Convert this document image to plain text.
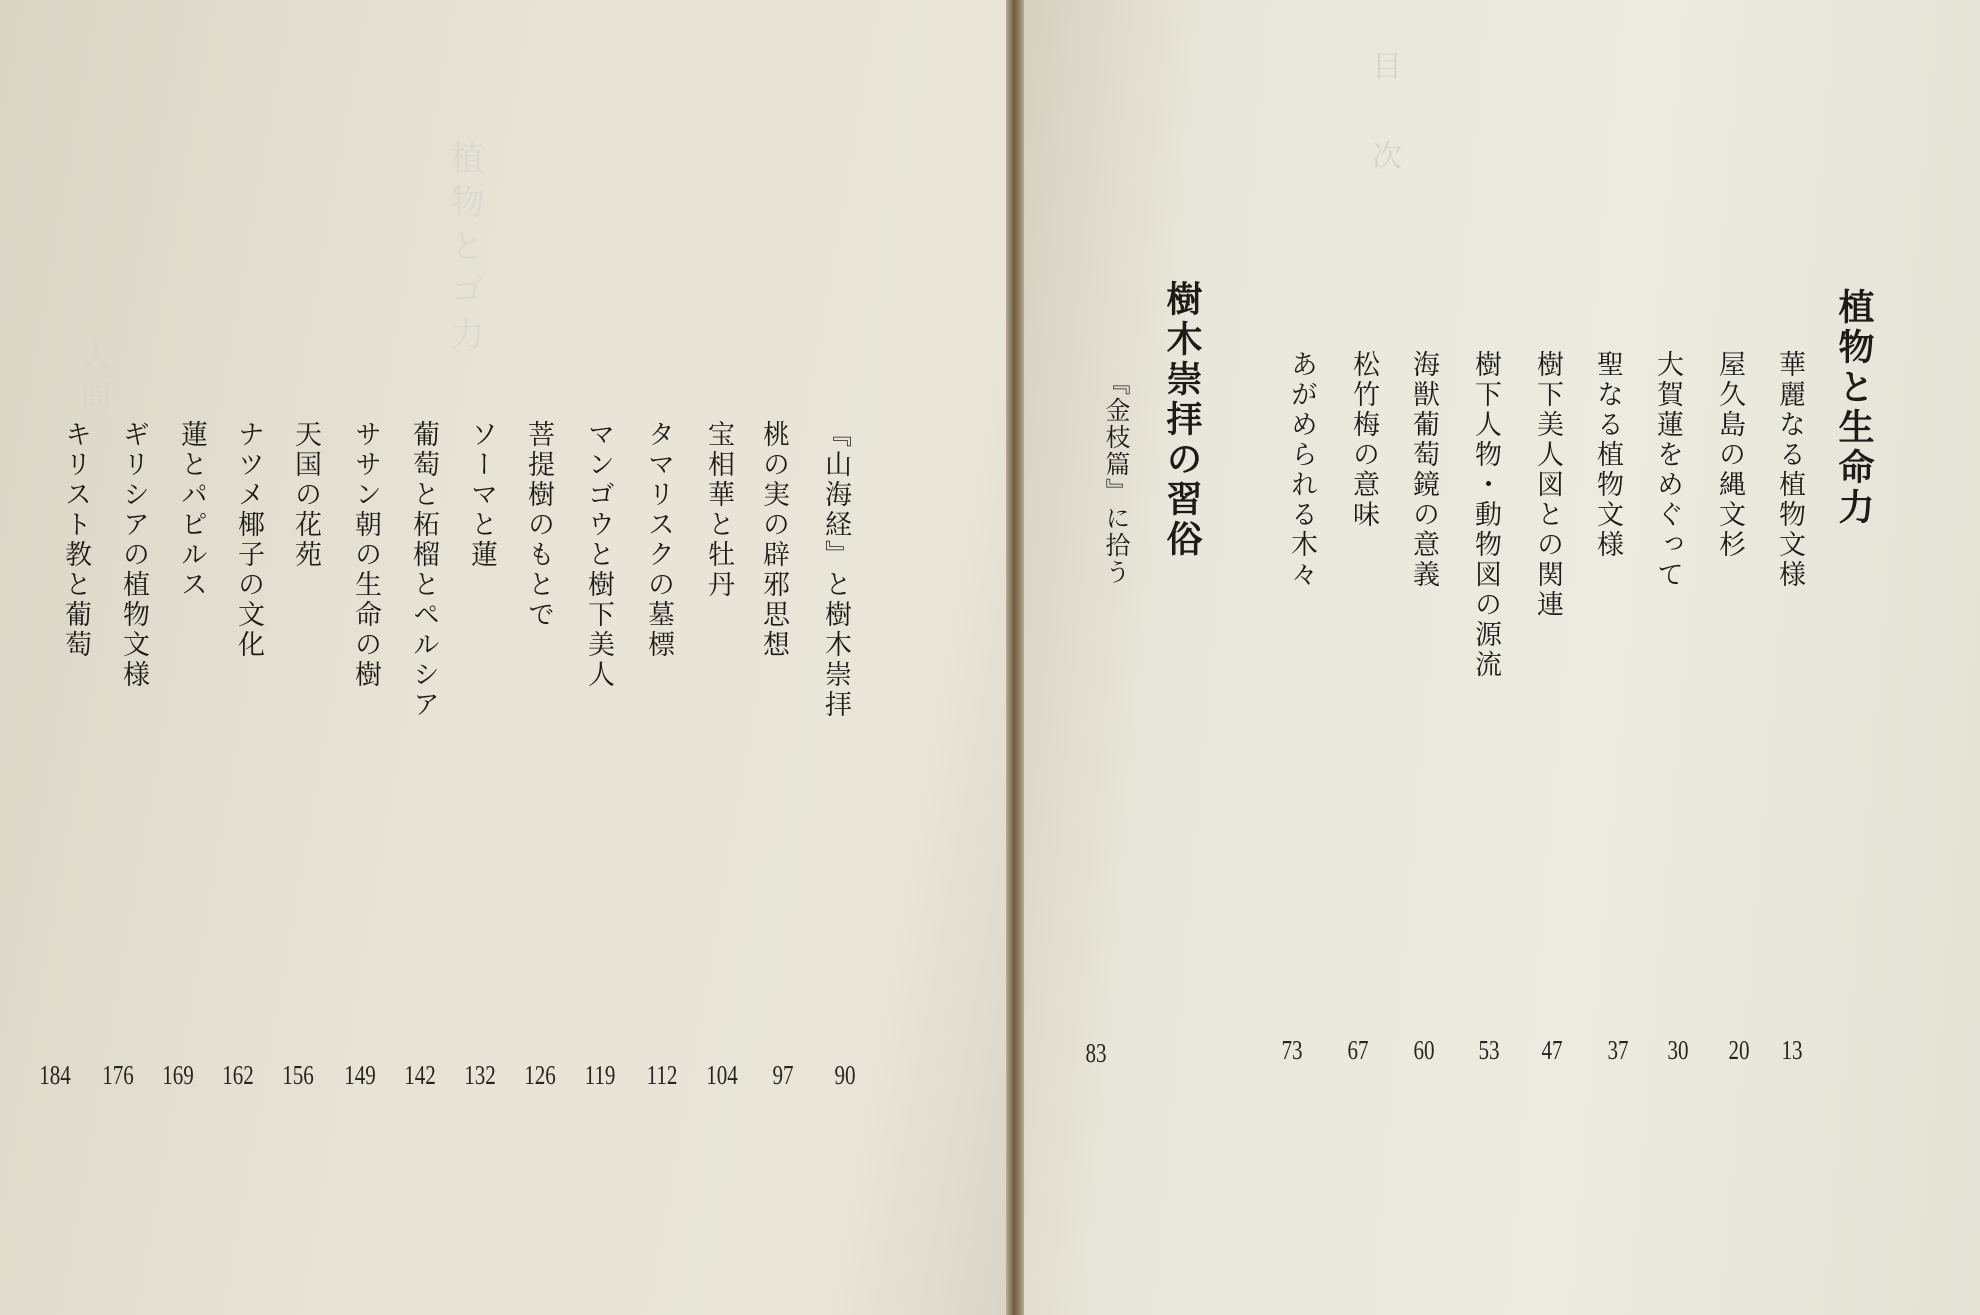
植物とゴ力
人間
『山海経』と樹木崇拝
桃の実の辟邪思想
宝相華と牡丹
タマリスクの墓標
マンゴウと樹下美人
菩提樹のもとで
ソーマと蓮
葡萄と柘榴とペルシア
ササン朝の生命の樹
天国の花苑
ナツメ椰子の文化
蓮とパピルス
ギリシアの植物文様
キリスト教と葡萄
90
97
104
112
119
126
132
142
149
156
162
169
176
184
目次
植物と生命力
華麗なる植物文様
屋久島の縄文杉
大賀蓮をめぐって
聖なる植物文様
樹下美人図との関連
樹下人物・動物図の源流
海獣葡萄鏡の意義
松竹梅の意味
あがめられる木々
樹木崇拝の習俗
『金枝篇』に拾う
13
20
30
37
47
53
60
67
73
83
